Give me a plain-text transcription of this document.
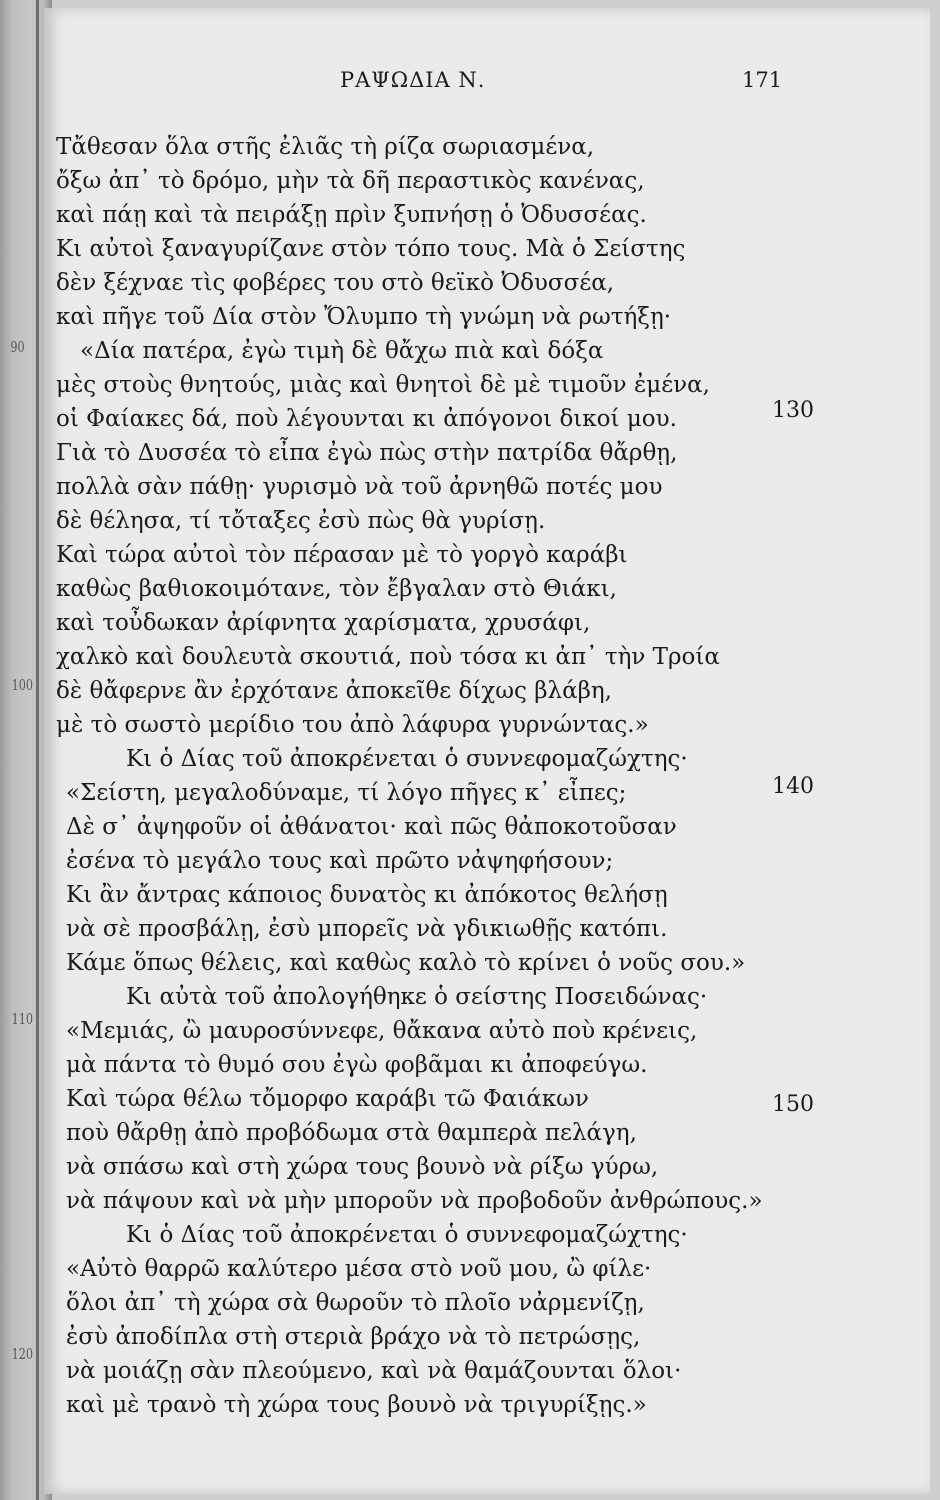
90
100
110
120
ΡΑΨΩΔΙΑ Ν.	171
Τἄθεσαν ὅλα στῆς ἐλιᾶς τὴ ρίζα σωριασμένα,
ὄξω ἀπ᾿ τὸ δρόμο, μὴν τὰ δῆ περαστικὸς κανένας,
καὶ πάῃ καὶ τὰ πειράξῃ πρὶν ξυπνήσῃ ὁ Ὀδυσσέας.
Κι αὐτοὶ ξαναγυρίζανε στὸν τόπο τους. Μὰ ὁ Σείστης
δὲν ξέχναε τὶς φοβέρες του στὸ θεϊκὸ Ὀδυσσέα,
καὶ πῆγε τοῦ Δία στὸν Ὄλυμπο τὴ γνώμη νὰ ρωτήξῃ·
«Δία πατέρα, ἐγὼ τιμὴ δὲ θἄχω πιὰ καὶ δόξα
μὲς στοὺς θνητούς, μιὰς καὶ θνητοὶ δὲ μὲ τιμοῦν ἐμένα,
οἱ Φαίακες δά, ποὺ λέγουνται κι ἀπόγονοι δικοί μου.	130
Γιὰ τὸ Δυσσέα τὸ εἶπα ἐγὼ πὼς στὴν πατρίδα θἄρθῃ,
πολλὰ σὰν πάθῃ· γυρισμὸ νὰ τοῦ ἀρνηθῶ ποτές μου
δὲ θέλησα, τί τὄταξες ἐσὺ πὼς θὰ γυρίσῃ.
Καὶ τώρα αὐτοὶ τὸν πέρασαν μὲ τὸ γοργὸ καράβι
καθὼς βαθιοκοιμότανε, τὸν ἔβγαλαν στὸ Θιάκι,
καὶ τοὖδωκαν ἀρίφνητα χαρίσματα, χρυσάφι,
χαλκὸ καὶ δουλευτὰ σκουτιά, ποὺ τόσα κι ἀπ᾿ τὴν Τροία
δὲ θἄφερνε ἂν ἐρχότανε ἀποκεῖθε δίχως βλάβη,
μὲ τὸ σωστὸ μερίδιο του ἀπὸ λάφυρα γυρνώντας.»
Κι ὁ Δίας τοῦ ἀποκρένεται ὁ συννεφομαζώχτης·
«Σείστη, μεγαλοδύναμε, τί λόγο πῆγες κ᾿ εἶπες;	140
Δὲ σ᾿ ἀψηφοῦν οἱ ἀθάνατοι· καὶ πῶς θἀποκοτοῦσαν
ἐσένα τὸ μεγάλο τους καὶ πρῶτο νἀψηφήσουν;
Κι ἂν ἄντρας κάποιος δυνατὸς κι ἀπόκοτος θελήσῃ
νὰ σὲ προσβάλῃ, ἐσὺ μπορεῖς νὰ γδικιωθῇς κατόπι.
Κάμε ὅπως θέλεις, καὶ καθὼς καλὸ τὸ κρίνει ὁ νοῦς σου.»
Κι αὐτὰ τοῦ ἀπολογήθηκε ὁ σείστης Ποσειδώνας·
«Μεμιάς, ὢ μαυροσύννεφε, θἄκανα αὐτὸ ποὺ κρένεις,
μὰ πάντα τὸ θυμό σου ἐγὼ φοβᾶμαι κι ἀποφεύγω.
Καὶ τώρα θέλω τὄμορφο καράβι τῶ Φαιάκων
ποὺ θἄρθῃ ἀπὸ προβόδωμα στὰ θαμπερὰ πελάγη,
150
νὰ σπάσω καὶ στὴ χώρα τους βουνὸ νὰ ρίξω γύρω,
νὰ πάψουν καὶ νὰ μὴν μποροῦν νὰ προβοδοῦν ἀνθρώπους.»
Κι ὁ Δίας τοῦ ἀποκρένεται ὁ συννεφομαζώχτης·
«Αὐτὸ θαρρῶ καλύτερο μέσα στὸ νοῦ μου, ὢ φίλε·
ὅλοι ἀπ᾿ τὴ χώρα σὰ θωροῦν τὸ πλοῖο νἀρμενίζῃ,
ἐσὺ ἀποδίπλα στὴ στεριὰ βράχο νὰ τὸ πετρώσῃς,
νὰ μοιάζῃ σὰν πλεούμενο, καὶ νὰ θαμάζουνται ὅλοι·
καὶ μὲ τρανὸ τὴ χώρα τους βουνὸ νὰ τριγυρίξῃς.»
